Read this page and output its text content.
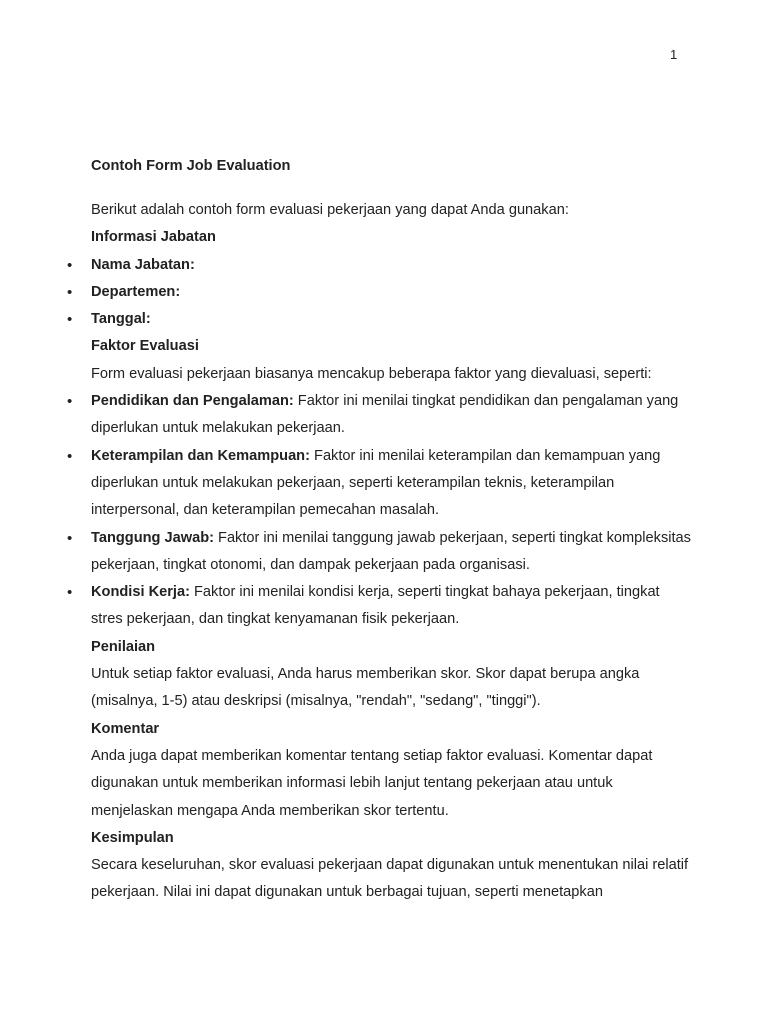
1

Contoh Form Job Evaluation

Berikut adalah contoh form evaluasi pekerjaan yang dapat Anda gunakan:

Informasi Jabatan

• Nama Jabatan:
• Departemen:
• Tanggal:

Faktor Evaluasi

Form evaluasi pekerjaan biasanya mencakup beberapa faktor yang dievaluasi, seperti:

• Pendidikan dan Pengalaman: Faktor ini menilai tingkat pendidikan dan pengalaman yang diperlukan untuk melakukan pekerjaan.
• Keterampilan dan Kemampuan: Faktor ini menilai keterampilan dan kemampuan yang diperlukan untuk melakukan pekerjaan, seperti keterampilan teknis, keterampilan interpersonal, dan keterampilan pemecahan masalah.
• Tanggung Jawab: Faktor ini menilai tanggung jawab pekerjaan, seperti tingkat kompleksitas pekerjaan, tingkat otonomi, dan dampak pekerjaan pada organisasi.
• Kondisi Kerja: Faktor ini menilai kondisi kerja, seperti tingkat bahaya pekerjaan, tingkat stres pekerjaan, dan tingkat kenyamanan fisik pekerjaan.

Penilaian

Untuk setiap faktor evaluasi, Anda harus memberikan skor. Skor dapat berupa angka (misalnya, 1-5) atau deskripsi (misalnya, "rendah", "sedang", "tinggi").

Komentar

Anda juga dapat memberikan komentar tentang setiap faktor evaluasi. Komentar dapat digunakan untuk memberikan informasi lebih lanjut tentang pekerjaan atau untuk menjelaskan mengapa Anda memberikan skor tertentu.

Kesimpulan

Secara keseluruhan, skor evaluasi pekerjaan dapat digunakan untuk menentukan nilai relatif pekerjaan. Nilai ini dapat digunakan untuk berbagai tujuan, seperti menetapkan
